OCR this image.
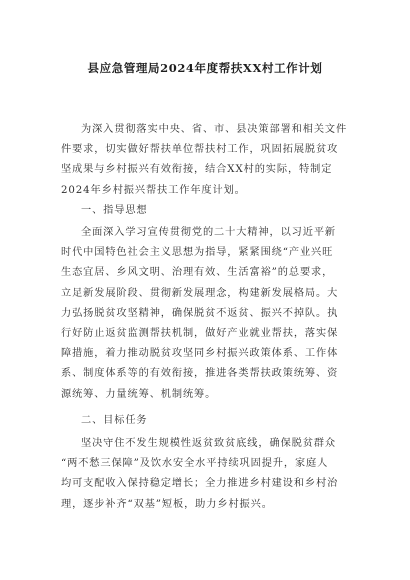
县应急管理局2024年度帮扶XX村工作计划
为深入贯彻落实中央、省、市、县决策部署和相关文件
件要求，切实做好帮扶单位帮扶村工作，巩固拓展脱贫攻
坚成果与乡村振兴有效衔接，结合XX村的实际，特制定
2024年乡村振兴帮扶工作年度计划。
一、指导思想
全面深入学习宣传贯彻党的二十大精神，以习近平新
时代中国特色社会主义思想为指导，紧紧围绕“产业兴旺
生态宜居、乡风文明、治理有效、生活富裕”的总要求，
立足新发展阶段、贯彻新发展理念，构建新发展格局。大
力弘扬脱贫攻坚精神，确保脱贫不返贫、振兴不掉队。执
行好防止返贫监测帮扶机制，做好产业就业帮扶，落实保
障措施，着力推动脱贫攻坚同乡村振兴政策体系、工作体
系、制度体系等的有效衔接，推进各类帮扶政策统筹、资
源统筹、力量统筹、机制统筹。
二、目标任务
坚决守住不发生规模性返贫致贫底线，确保脱贫群众
“两不愁三保障”及饮水安全水平持续巩固提升，家庭人
均可支配收入保持稳定增长；全力推进乡村建设和乡村治
理，逐步补齐“双基”短板，助力乡村振兴。
